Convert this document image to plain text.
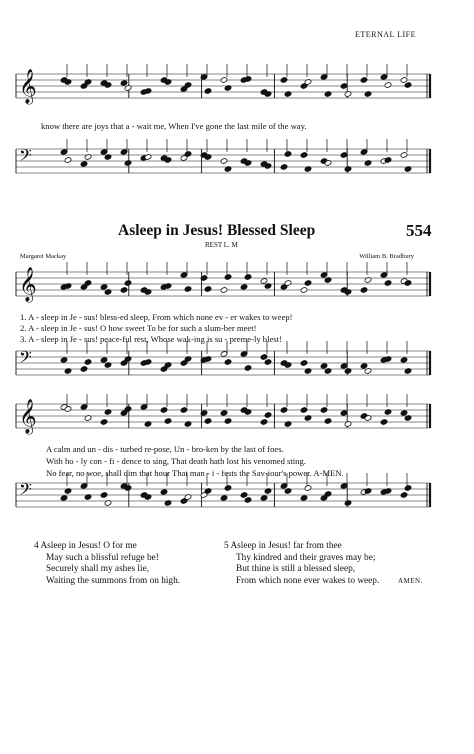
ETERNAL LIFE
𝄞
𝄢
𝄞
𝄢
𝄞
𝄢
know there are joys that a - wait me, When I've gone the last mile of the way.
Asleep in Jesus! Blessed Sleep	554
REST L. M
Margaret Mackay	William B. Bradbury
1. A - sleep in Je - sus! bless-ed sleep, From which none ev - er wakes to weep!
2. A - sleep in Je - sus! O how sweet To be for such a slum-ber meet!
3. A - sleep in Je - sus! peace-ful rest, Whose wak-ing is su - preme-ly blest!
A calm and un - dis - turbed re-pose, Un - bro-ken by the last of foes.
With ho - ly con - fi - dence to sing, That death hath lost his venomed sting.
No fear, no woe, shall dim that hour That man - i - fests the Sav-iour's power. A-MEN.
4 Asleep in Jesus! O for me
May such a blissful refuge be!
Securely shall my ashes lie,
Waiting the summons from on high.
5 Asleep in Jesus! far from thee
Thy kindred and their graves may be;
But thine is still a blessed sleep,
From which none ever wakes to weep.	AMEN.
